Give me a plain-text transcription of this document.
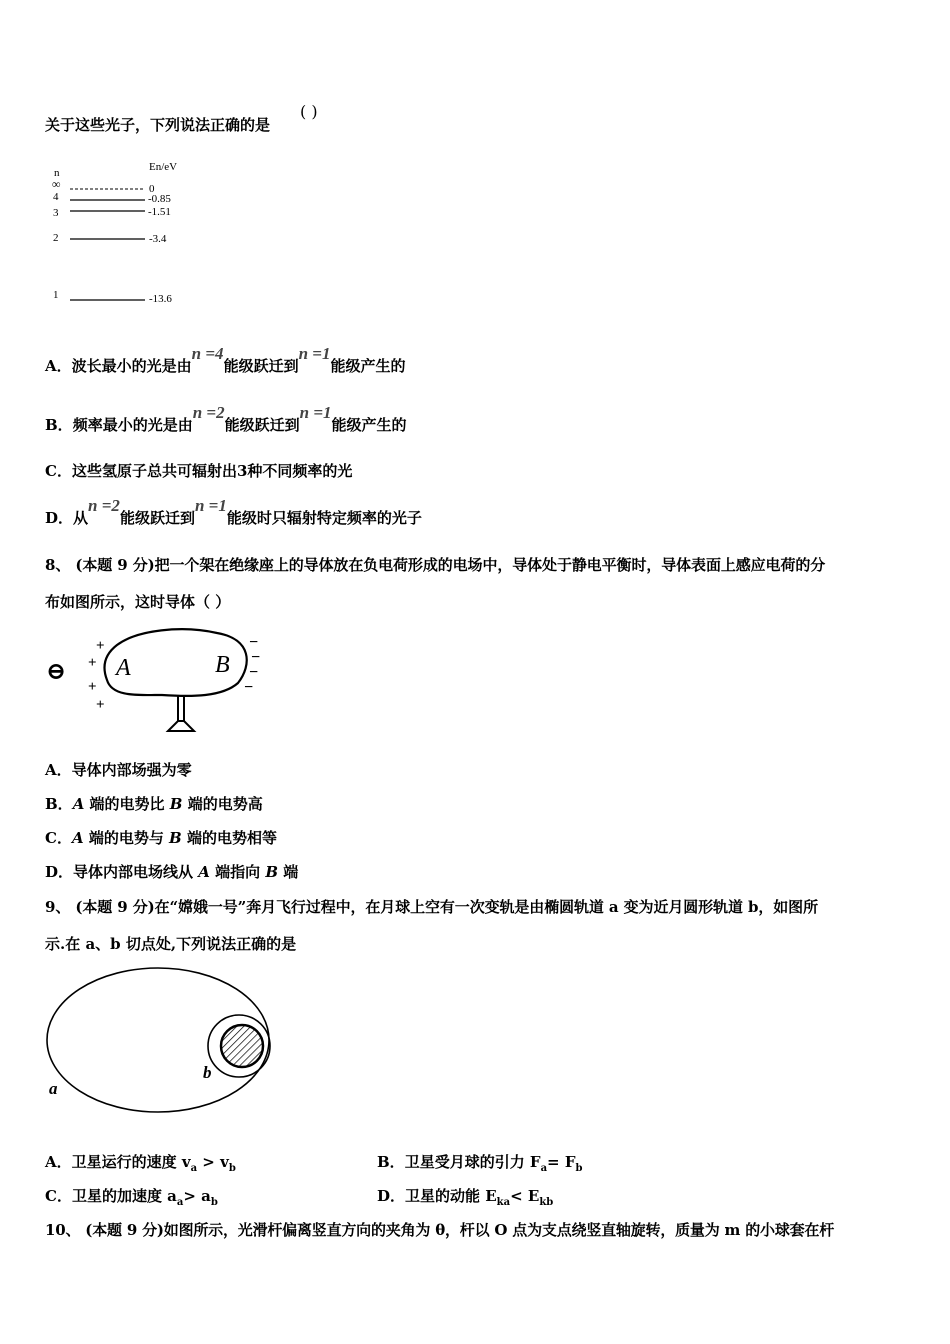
关于这些光子，下列说法正确的是
( )
n	En/eV
∞	0
4	-0.85
3	-1.51
2	-3.4
1	-13.6
A．波长最小的光是由n =4能级跃迁到n =1能级产生的
B．频率最小的光是由n =2能级跃迁到n =1能级产生的
C．这些氢原子总共可辐射出3种不同频率的光
D．从n =2能级跃迁到n =1能级时只辐射特定频率的光子
8、 (本题 9 分)把一个架在绝缘座上的导体放在负电荷形成的电场中，导体处于静电平衡时，导体表面上感应电荷的分
布如图所示，这时导体（ ）
⊖
+
+
+
+
A	B
−
−
−
−
A．导体内部场强为零
B．A 端的电势比 B 端的电势高
C．A 端的电势与 B 端的电势相等
D．导体内部电场线从 A 端指向 B 端
9、 (本题 9 分)在“嫦娥一号”奔月飞行过程中，在月球上空有一次变轨是由椭圆轨道 a 变为近月圆形轨道 b，如图所
示.在 a、b 切点处,下列说法正确的是
a
b
A．卫星运行的速度 $v_a > v_b$	B．卫星受月球的引力 $F_a= F_b$
C．卫星的加速度 $a_a> a_b$	D．卫星的动能 $E_{ka}< E_{kb}$
10、 (本题 9 分)如图所示，光滑杆偏离竖直方向的夹角为 θ，杆以 O 点为支点绕竖直轴旋转，质量为 m 的小球套在杆
